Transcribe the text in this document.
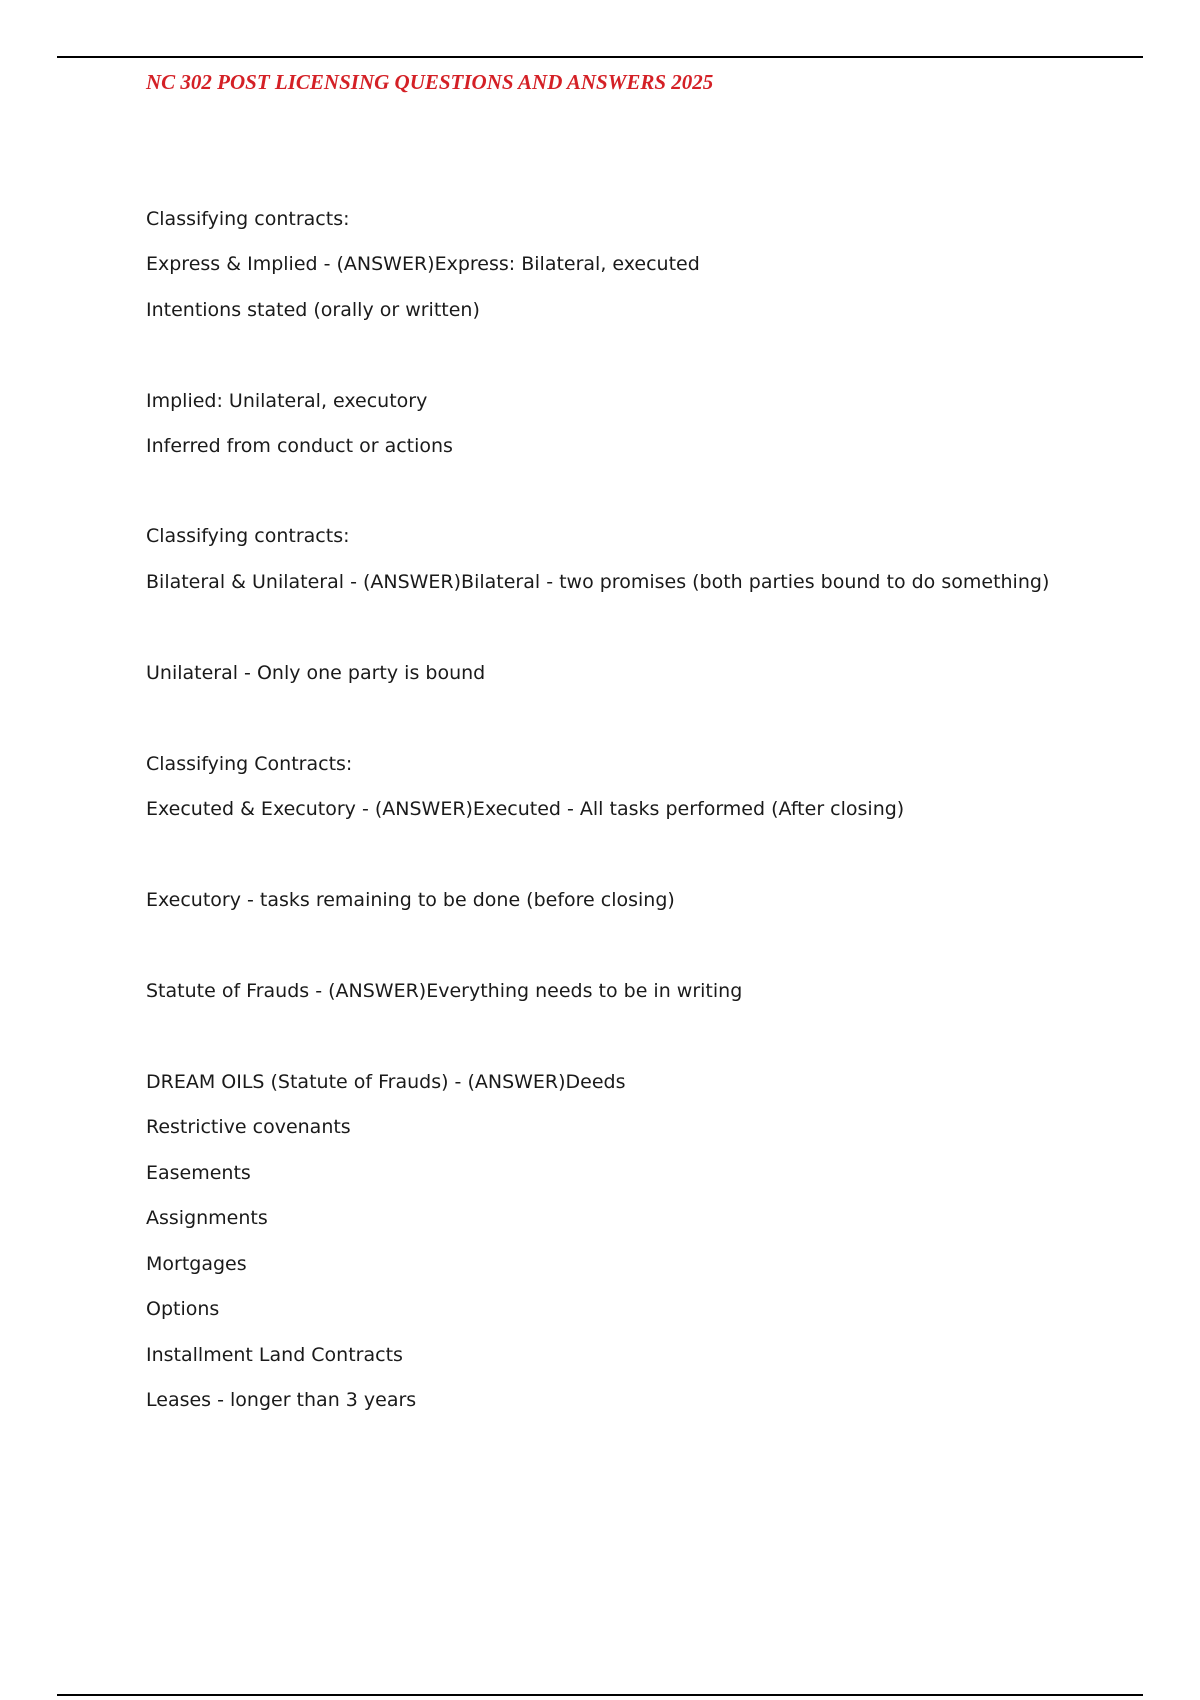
NC 302 POST LICENSING QUESTIONS AND ANSWERS 2025
Classifying contracts:
Express & Implied - (ANSWER)Express: Bilateral, executed
Intentions stated (orally or written)
Implied: Unilateral, executory
Inferred from conduct or actions
Classifying contracts:
Bilateral & Unilateral - (ANSWER)Bilateral - two promises (both parties bound to do something)
Unilateral - Only one party is bound
Classifying Contracts:
Executed & Executory - (ANSWER)Executed - All tasks performed (After closing)
Executory - tasks remaining to be done (before closing)
Statute of Frauds - (ANSWER)Everything needs to be in writing
DREAM OILS (Statute of Frauds) - (ANSWER)Deeds
Restrictive covenants
Easements
Assignments
Mortgages
Options
Installment Land Contracts
Leases - longer than 3 years
